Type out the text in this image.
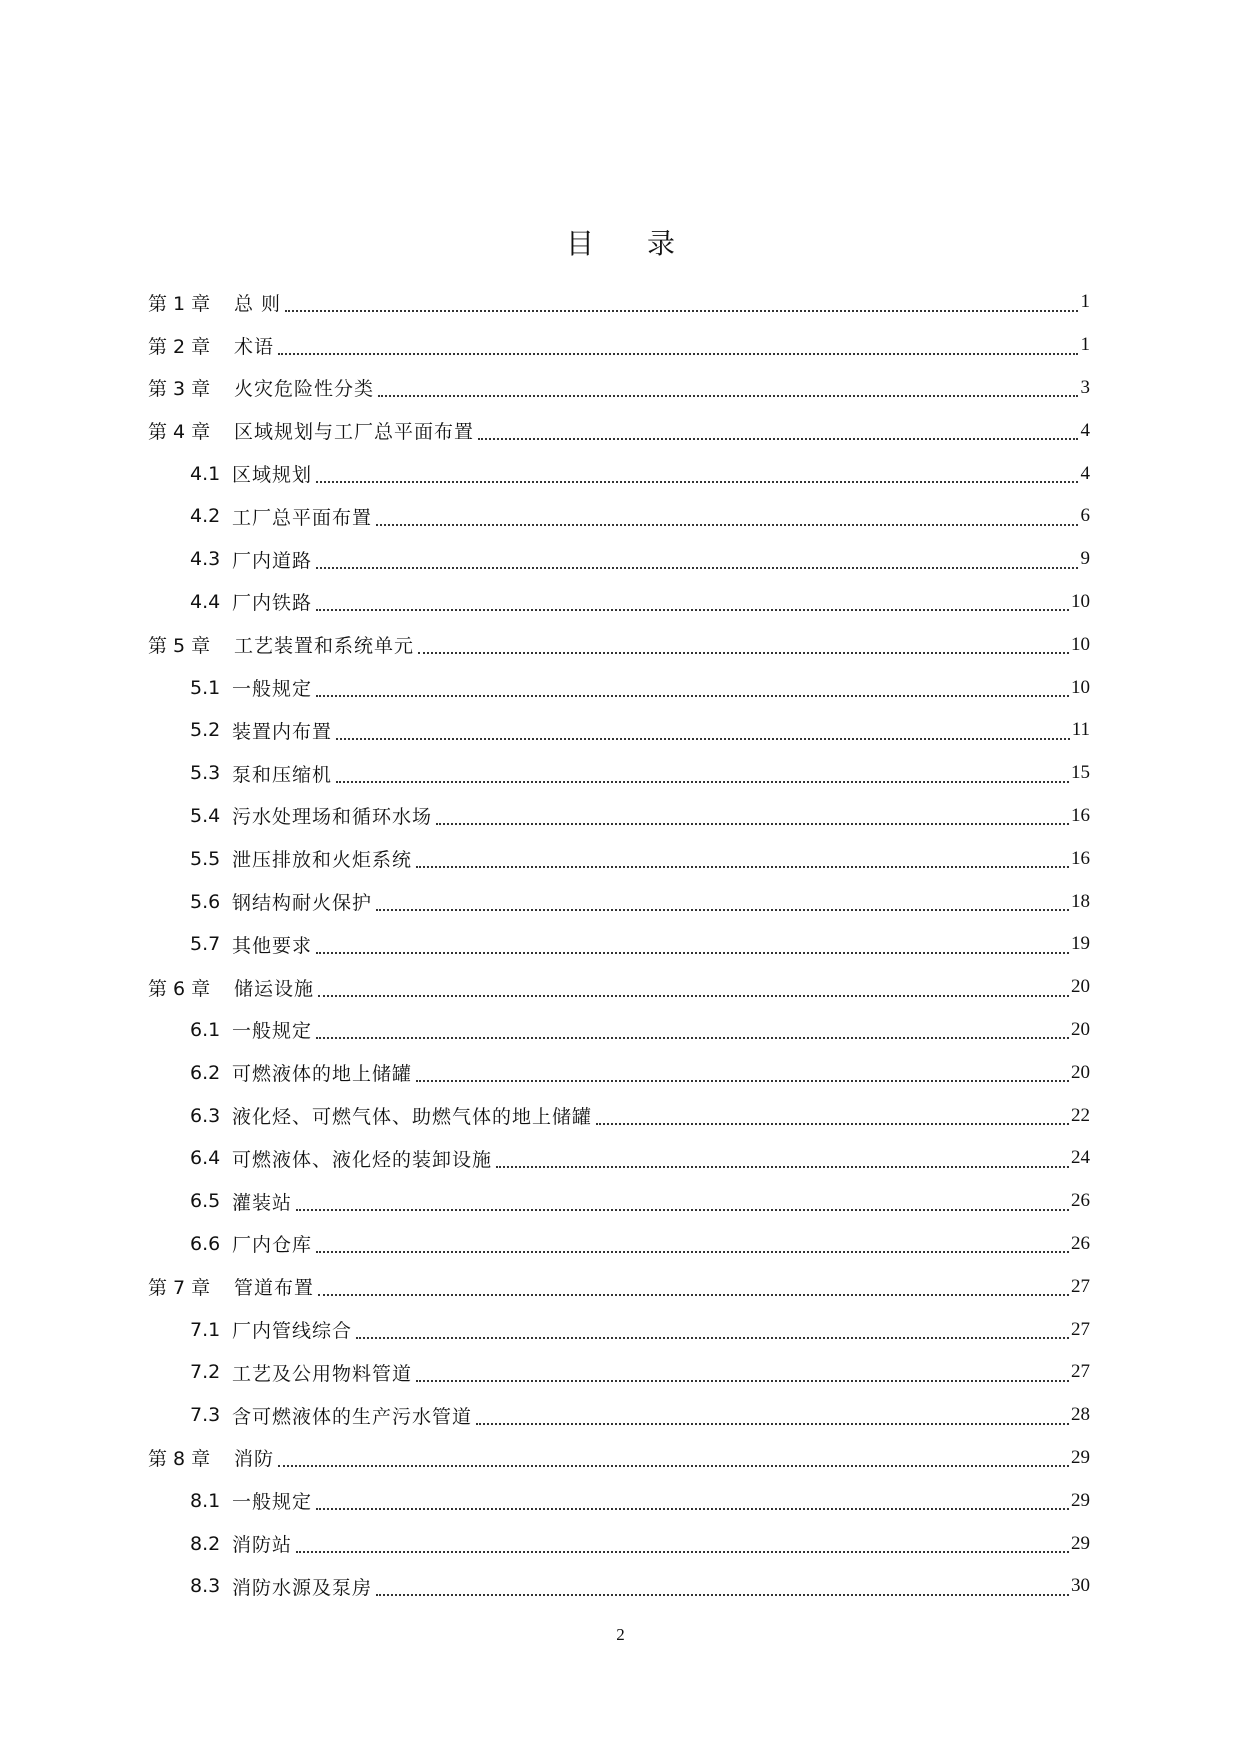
目 录
第 1 章	总 则	1
第 2 章	术语	1
第 3 章	火灾危险性分类	3
第 4 章	区域规划与工厂总平面布置	4
4.1 区域规划	4
4.2 工厂总平面布置	6
4.3 厂内道路	9
4.4 厂内铁路	10
第 5 章	工艺装置和系统单元	10
5.1 一般规定	10
5.2 装置内布置	11
5.3 泵和压缩机	15
5.4 污水处理场和循环水场	16
5.5 泄压排放和火炬系统	16
5.6 钢结构耐火保护	18
5.7 其他要求	19
第 6 章	储运设施	20
6.1 一般规定	20
6.2 可燃液体的地上储罐	20
6.3 液化烃、可燃气体、助燃气体的地上储罐	22
6.4 可燃液体、液化烃的装卸设施	24
6.5 灌装站	26
6.6 厂内仓库	26
第 7 章	管道布置	27
7.1 厂内管线综合	27
7.2 工艺及公用物料管道	27
7.3 含可燃液体的生产污水管道	28
第 8 章	消防	29
8.1 一般规定	29
8.2 消防站	29
8.3 消防水源及泵房	30
2
